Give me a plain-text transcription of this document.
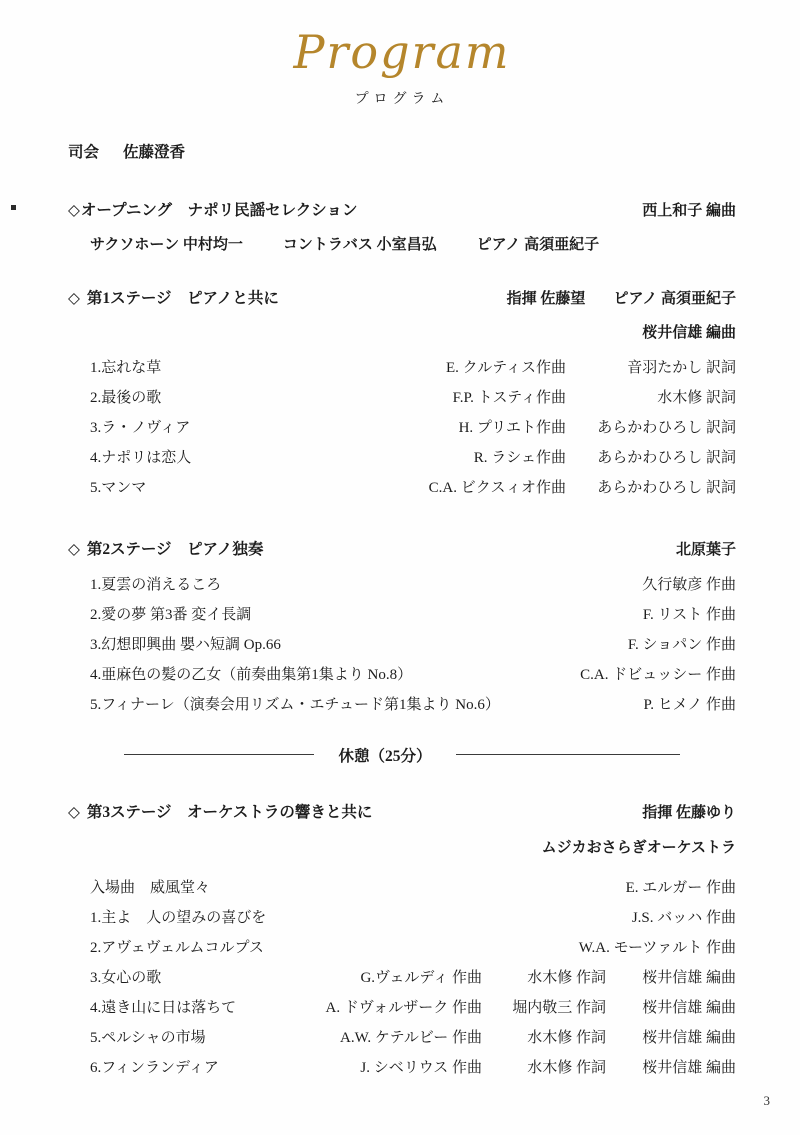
Program
プログラム
司会 佐藤澄香
◇オープニング　ナポリ民謡セレクション	西上和子 編曲
サクソホーン 中村均一	コントラバス 小室昌弘	ピアノ 高須亜紀子
◇ 第1ステージ　ピアノと共に	指揮 佐藤望 ピアノ 高須亜紀子
桜井信雄 編曲
1.忘れな草	E. クルティス作曲	音羽たかし 訳詞
2.最後の歌	F.P. トスティ作曲	水木修 訳詞
3.ラ・ノヴィア	H. プリエト作曲	あらかわひろし 訳詞
4.ナポリは恋人	R. ラシェ作曲	あらかわひろし 訳詞
5.マンマ	C.A. ビクスィオ作曲	あらかわひろし 訳詞
◇ 第2ステージ　ピアノ独奏	北原葉子
1.夏雲の消えるころ	久行敏彦 作曲
2.愛の夢 第3番 変イ長調	F. リスト 作曲
3.幻想即興曲 嬰ハ短調 Op.66	F. ショパン 作曲
4.亜麻色の髪の乙女（前奏曲集第1集より No.8）	C.A. ドビュッシー 作曲
5.フィナーレ（演奏会用リズム・エチュード第1集より No.6）	P. ヒメノ 作曲
休憩（25分）
◇ 第3ステージ　オーケストラの響きと共に	指揮 佐藤ゆり
ムジカおさらぎオーケストラ
入場曲　威風堂々	E. エルガー 作曲
1.主よ　人の望みの喜びを	J.S. バッハ 作曲
2.アヴェヴェルムコルプス	W.A. モーツァルト 作曲
3.女心の歌	G.ヴェルディ 作曲	水木修 作詞	桜井信雄 編曲
4.遠き山に日は落ちて	A. ドヴォルザーク 作曲	堀内敬三 作詞	桜井信雄 編曲
5.ペルシャの市場	A.W. ケテルビー 作曲	水木修 作詞	桜井信雄 編曲
6.フィンランディア	J. シベリウス 作曲	水木修 作詞	桜井信雄 編曲
3
